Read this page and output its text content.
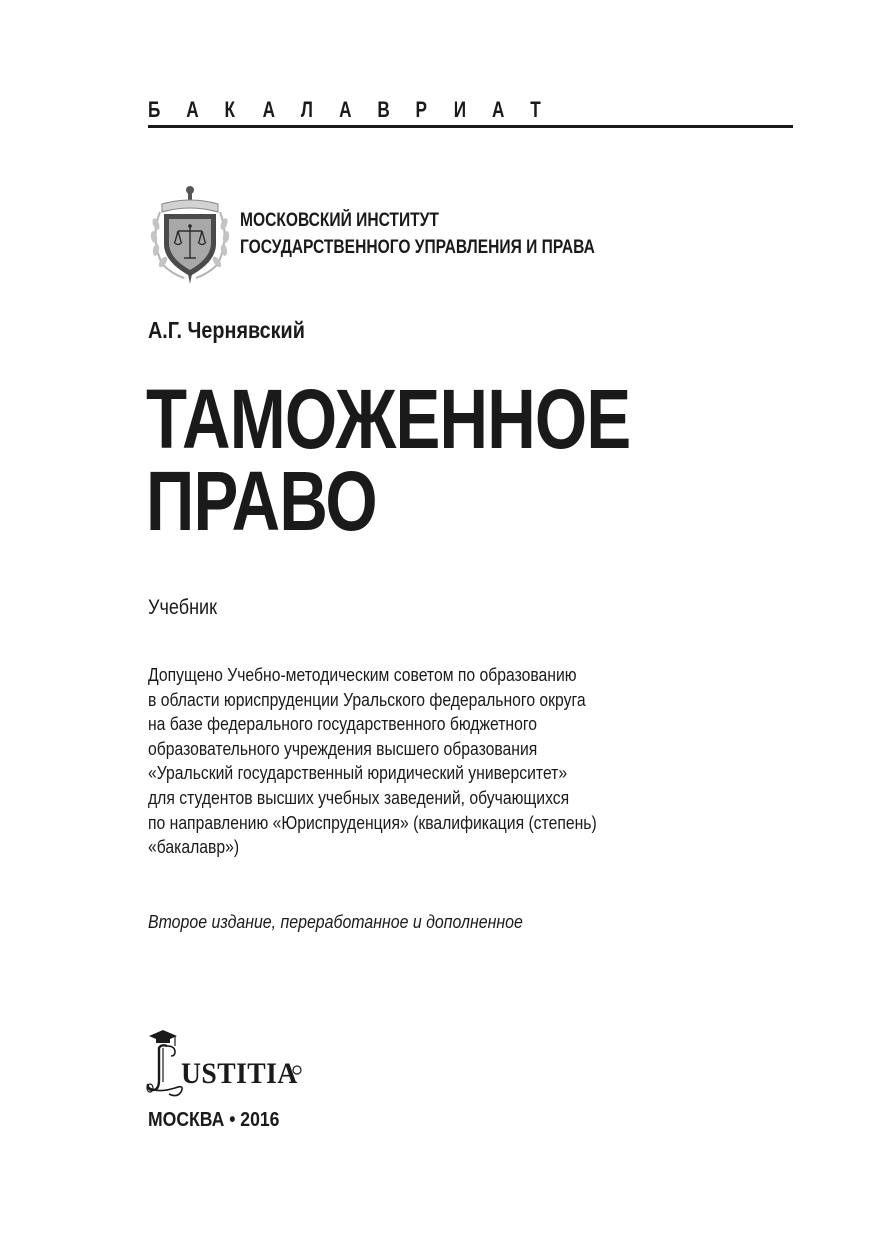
Б	А	К	А	Л	А	В	Р	И	А	Т
МОСКОВСКИЙ ИНСТИТУТ
ГОСУДАРСТВЕННОГО УПРАВЛЕНИЯ И ПРАВА
А.Г. Чернявский
ТАМОЖЕННОЕ
ПРАВО
Учебник
Допущено Учебно-методическим советом по образованию
в области юриспруденции Уральского федерального округа
на базе федерального государственного бюджетного
образовательного учреждения высшего образования
«Уральский государственный юридический университет»
для студентов высших учебных заведений, обучающихся
по направлению «Юриспруденция» (квалификация (степень)
«бакалавр»)
Второе издание, переработанное и дополненное
USTITIA
МОСКВА • 2016
